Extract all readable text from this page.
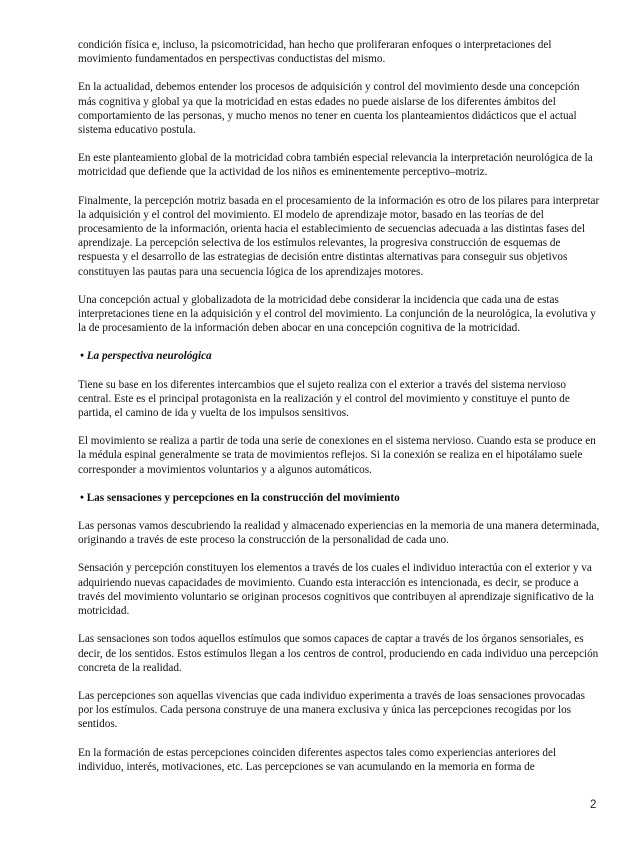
condición física e, incluso, la psicomotricidad, han hecho que proliferaran enfoques o interpretaciones del movimiento fundamentados en perspectivas conductistas del mismo.

En la actualidad, debemos entender los procesos de adquisición y control del movimiento desde una concepción más cognitiva y global ya que la motricidad en estas edades no puede aislarse de los diferentes ámbitos del comportamiento de las personas, y mucho menos no tener en cuenta los planteamientos didácticos que el actual sistema educativo postula.

En este planteamiento global de la motricidad cobra también especial relevancia la interpretación neurológica de la motricidad que defiende que la actividad de los niños es eminentemente perceptivo–motriz.

Finalmente, la percepción motriz basada en el procesamiento de la información es otro de los pilares para interpretar la adquisición y el control del movimiento. El modelo de aprendizaje motor, basado en las teorías de del procesamiento de la información, orienta hacia el establecimiento de secuencias adecuada a las distintas fases del aprendizaje. La percepción selectiva de los estímulos relevantes, la progresiva construcción de esquemas de respuesta y el desarrollo de las estrategias de decisión entre distintas alternativas para conseguir sus objetivos constituyen las pautas para una secuencia lógica de los aprendizajes motores.

Una concepción actual y globalizadota de la motricidad debe considerar la incidencia que cada una de estas interpretaciones tiene en la adquisición y el control del movimiento. La conjunción de la neurológica, la evolutiva y la de procesamiento de la información deben abocar en una concepción cognitiva de la motricidad.

• La perspectiva neurológica

Tiene su base en los diferentes intercambios que el sujeto realiza con el exterior a través del sistema nervioso central. Este es el principal protagonista en la realización y el control del movimiento y constituye el punto de partida, el camino de ida y vuelta de los impulsos sensitivos.

El movimiento se realiza a partir de toda una serie de conexiones en el sistema nervioso. Cuando esta se produce en la médula espinal generalmente se trata de movimientos reflejos. Si la conexión se realiza en el hipotálamo suele corresponder a movimientos voluntarios y a algunos automáticos.

• Las sensaciones y percepciones en la construcción del movimiento

Las personas vamos descubriendo la realidad y almacenado experiencias en la memoria de una manera determinada, originando a través de este proceso la construcción de la personalidad de cada uno.

Sensación y percepción constituyen los elementos a través de los cuales el individuo interactúa con el exterior y va adquiriendo nuevas capacidades de movimiento. Cuando esta interacción es intencionada, es decir, se produce a través del movimiento voluntario se originan procesos cognitivos que contribuyen al aprendizaje significativo de la motricidad.

Las sensaciones son todos aquellos estímulos que somos capaces de captar a través de los órganos sensoriales, es decir, de los sentidos. Estos estímulos llegan a los centros de control, produciendo en cada individuo una percepción concreta de la realidad.

Las percepciones son aquellas vivencias que cada individuo experimenta a través de loas sensaciones provocadas por los estímulos. Cada persona construye de una manera exclusiva y única las percepciones recogidas por los sentidos.

En la formación de estas percepciones coinciden diferentes aspectos tales como experiencias anteriores del individuo, interés, motivaciones, etc. Las percepciones se van acumulando en la memoria en forma de

2
